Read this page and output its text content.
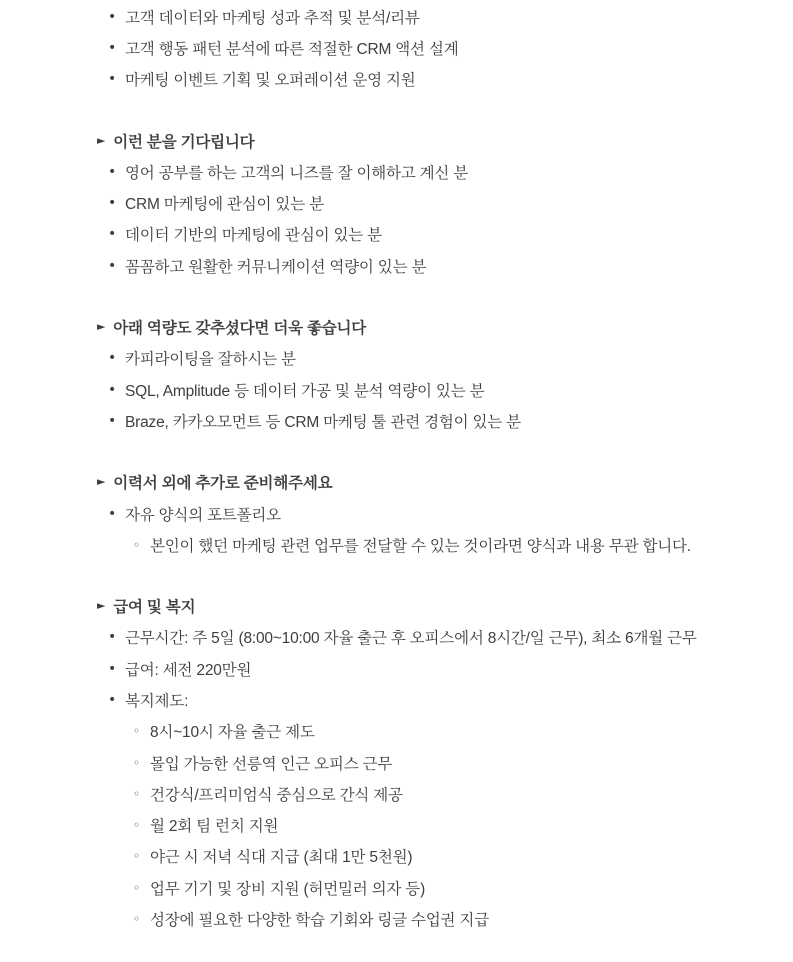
• 고객 데이터와 마케팅 성과 추적 및 분석/리뷰
• 고객 행동 패턴 분석에 따른 적절한 CRM 액션 설계
• 마케팅 이벤트 기획 및 오퍼레이션 운영 지원
► 이런 분을 기다립니다
• 영어 공부를 하는 고객의 니즈를 잘 이해하고 계신 분
• CRM 마케팅에 관심이 있는 분
• 데이터 기반의 마케팅에 관심이 있는 분
• 꼼꼼하고 원활한 커뮤니케이션 역량이 있는 분
► 아래 역량도 갖추셨다면 더욱 좋습니다
• 카피라이팅을 잘하시는 분
• SQL, Amplitude 등 데이터 가공 및 분석 역량이 있는 분
• Braze, 카카오모먼트 등 CRM 마케팅 툴 관련 경험이 있는 분
► 이력서 외에 추가로 준비해주세요
• 자유 양식의 포트폴리오
◦ 본인이 했던 마케팅 관련 업무를 전달할 수 있는 것이라면 양식과 내용 무관 합니다.
► 급여 및 복지
• 근무시간: 주 5일 (8:00~10:00 자율 출근 후 오피스에서 8시간/일 근무), 최소 6개월 근무
• 급여: 세전 220만원
• 복지제도:
◦ 8시~10시 자율 출근 제도
◦ 몰입 가능한 선릉역 인근 오피스 근무
◦ 건강식/프리미엄식 중심으로 간식 제공
◦ 월 2회 팀 런치 지원
◦ 야근 시 저녁 식대 지급 (최대 1만 5천원)
◦ 업무 기기 및 장비 지원 (허먼밀러 의자 등)
◦ 성장에 필요한 다양한 학습 기회와 링글 수업권 지급
